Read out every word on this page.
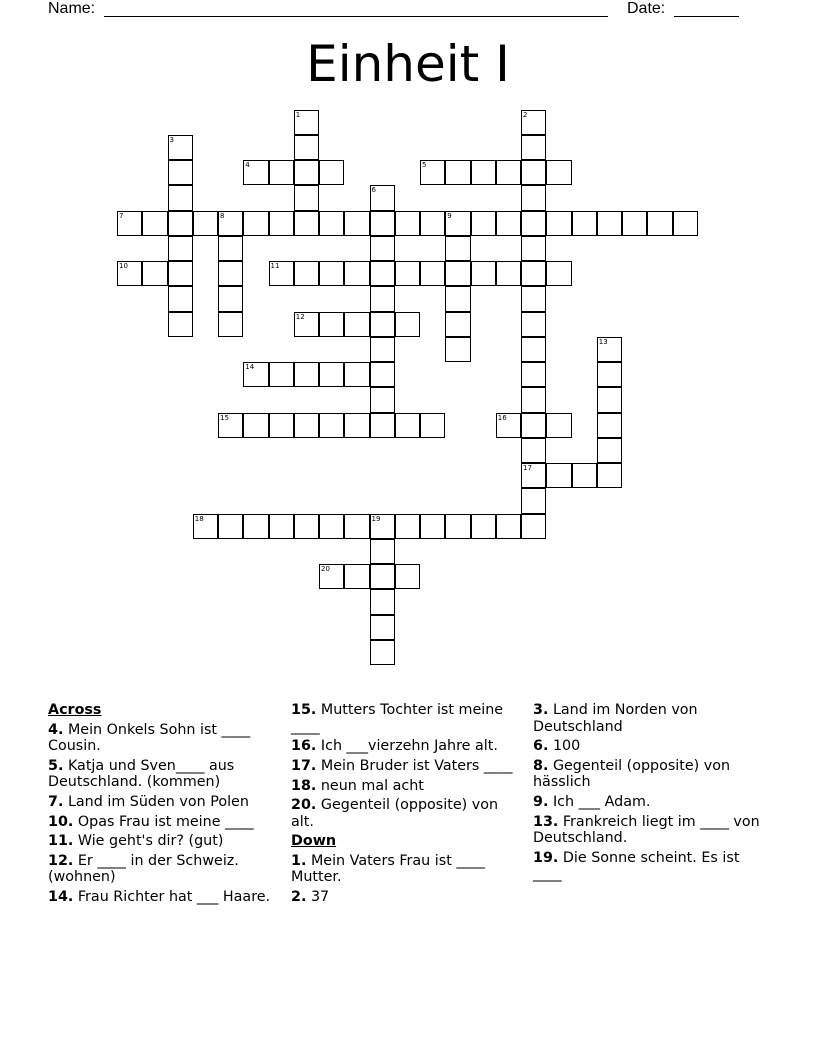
Name:	Date:
Einheit I
1	2
17
3
4	5
6
7	8	9
10	11
12
13
14
15	16
18	19
20
Across
4. Mein Onkels Sohn ist ____ Cousin.
5. Katja und Sven____ aus Deutschland. (kommen)
7. Land im Süden von Polen
10. Opas Frau ist meine ____
11. Wie geht's dir? (gut)
12. Er ____ in der Schweiz. (wohnen)
14. Frau Richter hat ___ Haare.
15. Mutters Tochter ist meine ____
16. Ich ___vierzehn Jahre alt.
17. Mein Bruder ist Vaters ____
18. neun mal acht
20. Gegenteil (opposite) von alt.
Down
1. Mein Vaters Frau ist ____ Mutter.
2. 37
3. Land im Norden von Deutschland
6. 100
8. Gegenteil (opposite) von hässlich
9. Ich ___ Adam.
13. Frankreich liegt im ____ von Deutschland.
19. Die Sonne scheint. Es ist ____
